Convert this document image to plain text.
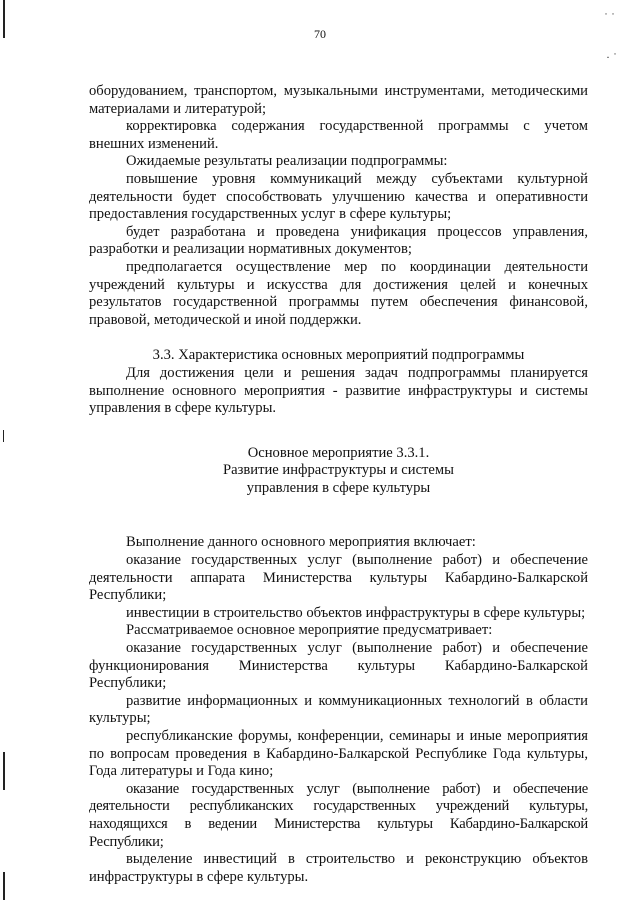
˙ ˙
· ˙
70

оборудованием, транспортом, музыкальными инструментами, методическими материалами и литературой;

корректировка содержания государственной программы с учетом внешних изменений.

Ожидаемые результаты реализации подпрограммы:

повышение уровня коммуникаций между субъектами культурной деятельности будет способствовать улучшению качества и оперативности предоставления государственных услуг в сфере культуры;

будет разработана и проведена унификация процессов управления, разработки и реализации нормативных документов;

предполагается осуществление мер по координации деятельности учреждений культуры и искусства для достижения целей и конечных результатов государственной программы путем обеспечения финансовой, правовой, методической и иной поддержки.

3.3. Характеристика основных мероприятий подпрограммы

Для достижения цели и решения задач подпрограммы планируется выполнение основного мероприятия - развитие инфраструктуры и системы управления в сфере культуры.

Основное мероприятие 3.3.1.
Развитие инфраструктуры и системы
управления в сфере культуры

Выполнение данного основного мероприятия включает:

оказание государственных услуг (выполнение работ) и обеспечение деятельности аппарата Министерства культуры Кабардино-Балкарской Республики;

инвестиции в строительство объектов инфраструктуры в сфере культуры;

Рассматриваемое основное мероприятие предусматривает:

оказание государственных услуг (выполнение работ) и обеспечение функционирования Министерства культуры Кабардино-Балкарской Республики;

развитие информационных и коммуникационных технологий в области культуры;

республиканские форумы, конференции, семинары и иные мероприятия по вопросам проведения в Кабардино-Балкарской Республике Года культуры, Года литературы и Года кино;

оказание государственных услуг (выполнение работ) и обеспечение деятельности республиканских государственных учреждений культуры, находящихся в ведении Министерства культуры Кабардино-Балкарской Республики;

выделение инвестиций в строительство и реконструкцию объектов инфраструктуры в сфере культуры.
